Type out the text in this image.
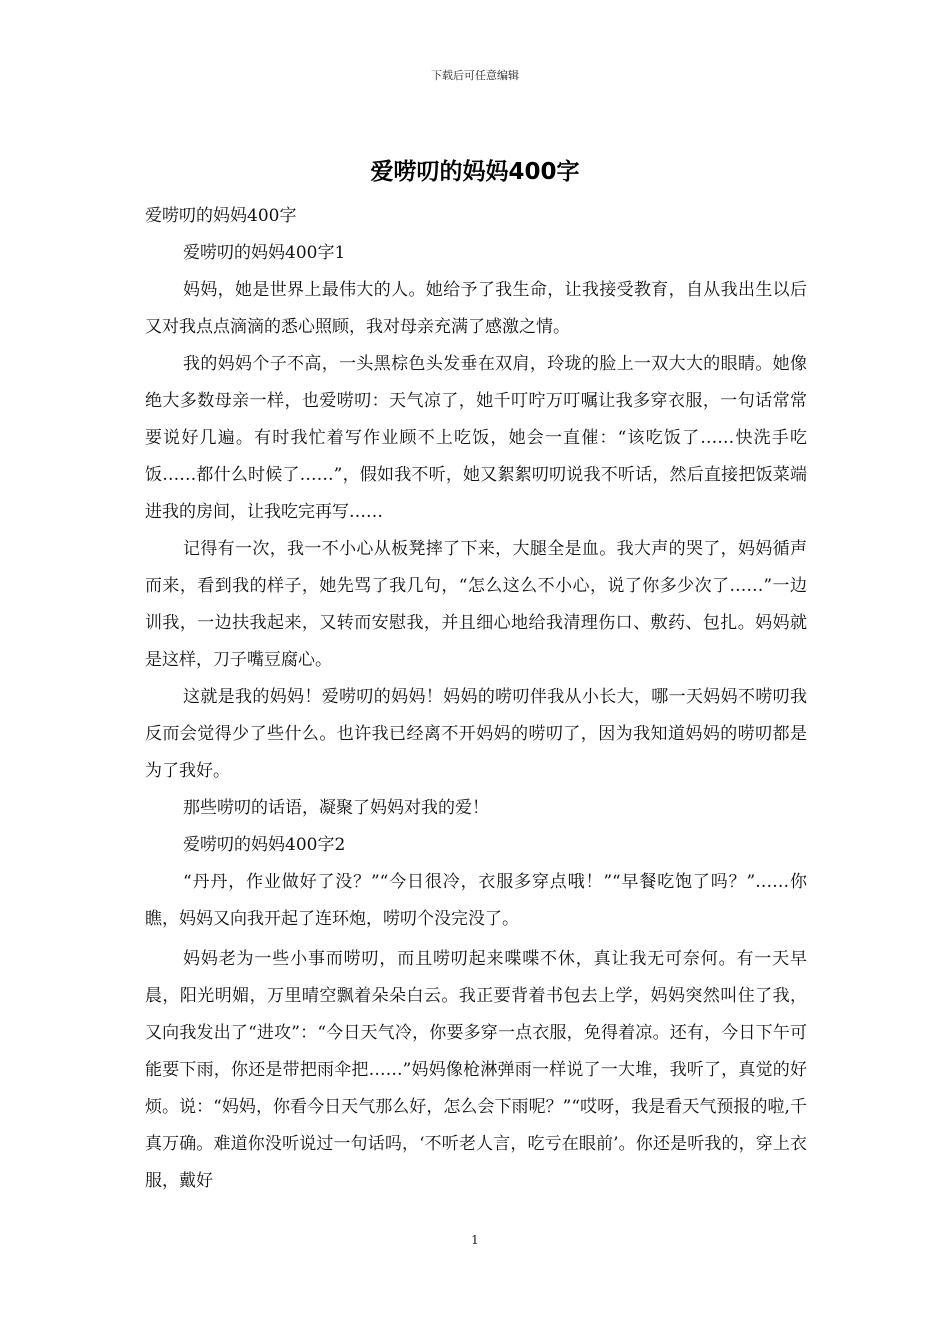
下载后可任意编辑
爱唠叨的妈妈400字

爱唠叨的妈妈400字

爱唠叨的妈妈400字1

妈妈，她是世界上最伟大的人。她给予了我生命，让我接受教育，自从我出生以后又对我点点滴滴的悉心照顾，我对母亲充满了感激之情。

我的妈妈个子不高，一头黑棕色头发垂在双肩，玲珑的脸上一双大大的眼睛。她像绝大多数母亲一样，也爱唠叨：天气凉了，她千叮咛万叮嘱让我多穿衣服，一句话常常要说好几遍。有时我忙着写作业顾不上吃饭，她会一直催：“该吃饭了……快洗手吃饭……都什么时候了……”，假如我不听，她又絮絮叨叨说我不听话，然后直接把饭菜端进我的房间，让我吃完再写……

记得有一次，我一不小心从板凳摔了下来，大腿全是血。我大声的哭了，妈妈循声而来，看到我的样子，她先骂了我几句，“怎么这么不小心，说了你多少次了……”一边训我，一边扶我起来，又转而安慰我，并且细心地给我清理伤口、敷药、包扎。妈妈就是这样，刀子嘴豆腐心。

这就是我的妈妈！爱唠叨的妈妈！妈妈的唠叨伴我从小长大，哪一天妈妈不唠叨我反而会觉得少了些什么。也许我已经离不开妈妈的唠叨了，因为我知道妈妈的唠叨都是为了我好。

那些唠叨的话语，凝聚了妈妈对我的爱！

爱唠叨的妈妈400字2

“丹丹，作业做好了没？”“今日很冷，衣服多穿点哦！”“早餐吃饱了吗？”……你瞧，妈妈又向我开起了连环炮，唠叨个没完没了。

妈妈老为一些小事而唠叨，而且唠叨起来喋喋不休，真让我无可奈何。有一天早晨，阳光明媚，万里晴空飘着朵朵白云。我正要背着书包去上学，妈妈突然叫住了我，又向我发出了“进攻”：“今日天气冷，你要多穿一点衣服，免得着凉。还有，今日下午可能要下雨，你还是带把雨伞把……”妈妈像枪淋弹雨一样说了一大堆，我听了，真觉的好烦。说：“妈妈，你看今日天气那么好，怎么会下雨呢？”“哎呀，我是看天气预报的啦,千真万确。难道你没听说过一句话吗，‘不听老人言，吃亏在眼前’。你还是听我的，穿上衣服，戴好

1
